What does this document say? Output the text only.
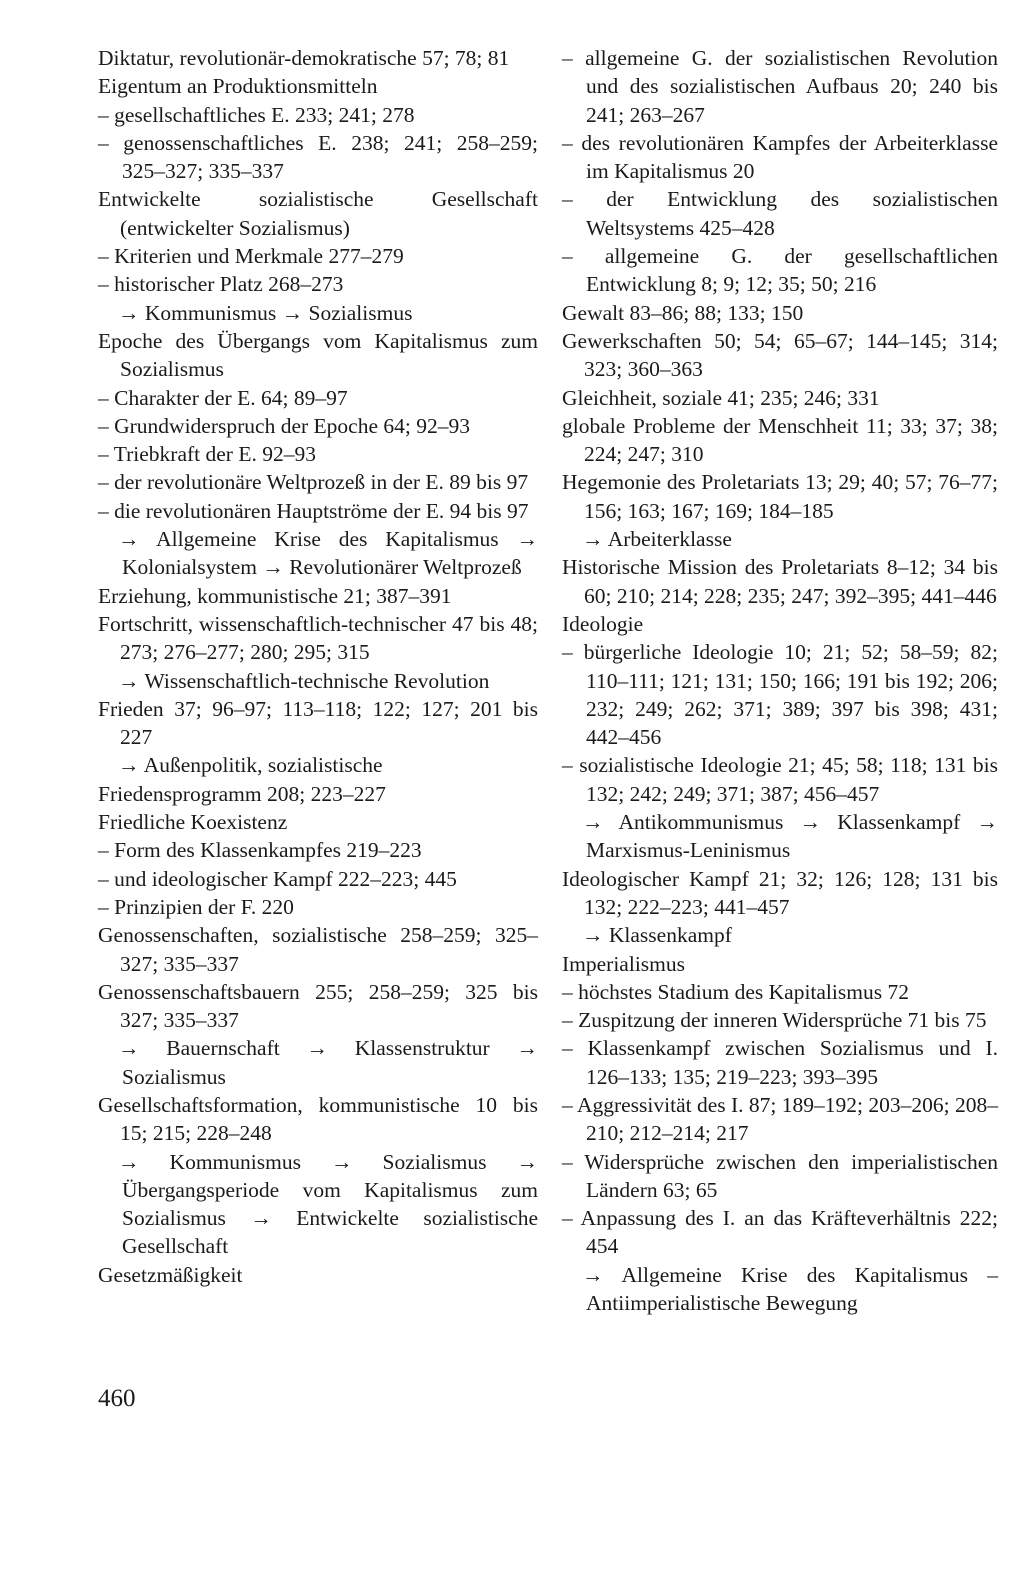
Diktatur, revolutionär-demokratische 57; 78; 81
Eigentum an Produktionsmitteln
– gesellschaftliches E. 233; 241; 278
– genossenschaftliches E. 238; 241; 258–259; 325–327; 335–337
Entwickelte sozialistische Gesellschaft (entwickelter Sozialismus)
– Kriterien und Merkmale 277–279
– historischer Platz 268–273
→ Kommunismus → Sozialismus
Epoche des Übergangs vom Kapitalismus zum Sozialismus
– Charakter der E. 64; 89–97
– Grundwiderspruch der Epoche 64; 92–93
– Triebkraft der E. 92–93
– der revolutionäre Weltprozeß in der E. 89 bis 97
– die revolutionären Hauptströme der E. 94 bis 97
→ Allgemeine Krise des Kapitalismus → Kolonialsystem → Revolutionärer Weltprozeß
Erziehung, kommunistische 21; 387–391
Fortschritt, wissenschaftlich-technischer 47 bis 48; 273; 276–277; 280; 295; 315
→ Wissenschaftlich-technische Revolution
Frieden 37; 96–97; 113–118; 122; 127; 201 bis 227
→ Außenpolitik, sozialistische
Friedensprogramm 208; 223–227
Friedliche Koexistenz
– Form des Klassenkampfes 219–223
– und ideologischer Kampf 222–223; 445
– Prinzipien der F. 220
Genossenschaften, sozialistische 258–259; 325–327; 335–337
Genossenschaftsbauern 255; 258–259; 325 bis 327; 335–337
→ Bauernschaft → Klassenstruktur → Sozialismus
Gesellschaftsformation, kommunistische 10 bis 15; 215; 228–248
→ Kommunismus → Sozialismus → Übergangsperiode vom Kapitalismus zum Sozialismus → Entwickelte sozialistische Gesellschaft
Gesetzmäßigkeit
– allgemeine G. der sozialistischen Revolution und des sozialistischen Aufbaus 20; 240 bis 241; 263–267
– des revolutionären Kampfes der Arbeiterklasse im Kapitalismus 20
– der Entwicklung des sozialistischen Weltsystems 425–428
– allgemeine G. der gesellschaftlichen Entwicklung 8; 9; 12; 35; 50; 216
Gewalt 83–86; 88; 133; 150
Gewerkschaften 50; 54; 65–67; 144–145; 314; 323; 360–363
Gleichheit, soziale 41; 235; 246; 331
globale Probleme der Menschheit 11; 33; 37; 38; 224; 247; 310
Hegemonie des Proletariats 13; 29; 40; 57; 76–77; 156; 163; 167; 169; 184–185
→ Arbeiterklasse
Historische Mission des Proletariats 8–12; 34 bis 60; 210; 214; 228; 235; 247; 392–395; 441–446
Ideologie
– bürgerliche Ideologie 10; 21; 52; 58–59; 82; 110–111; 121; 131; 150; 166; 191 bis 192; 206; 232; 249; 262; 371; 389; 397 bis 398; 431; 442–456
– sozialistische Ideologie 21; 45; 58; 118; 131 bis 132; 242; 249; 371; 387; 456–457
→ Antikommunismus → Klassenkampf → Marxismus-Leninismus
Ideologischer Kampf 21; 32; 126; 128; 131 bis 132; 222–223; 441–457
→ Klassenkampf
Imperialismus
– höchstes Stadium des Kapitalismus 72
– Zuspitzung der inneren Widersprüche 71 bis 75
– Klassenkampf zwischen Sozialismus und I. 126–133; 135; 219–223; 393–395
– Aggressivität des I. 87; 189–192; 203–206; 208–210; 212–214; 217
– Widersprüche zwischen den imperialistischen Ländern 63; 65
– Anpassung des I. an das Kräfteverhältnis 222; 454
→ Allgemeine Krise des Kapitalismus – Antiimperialistische Bewegung
460
